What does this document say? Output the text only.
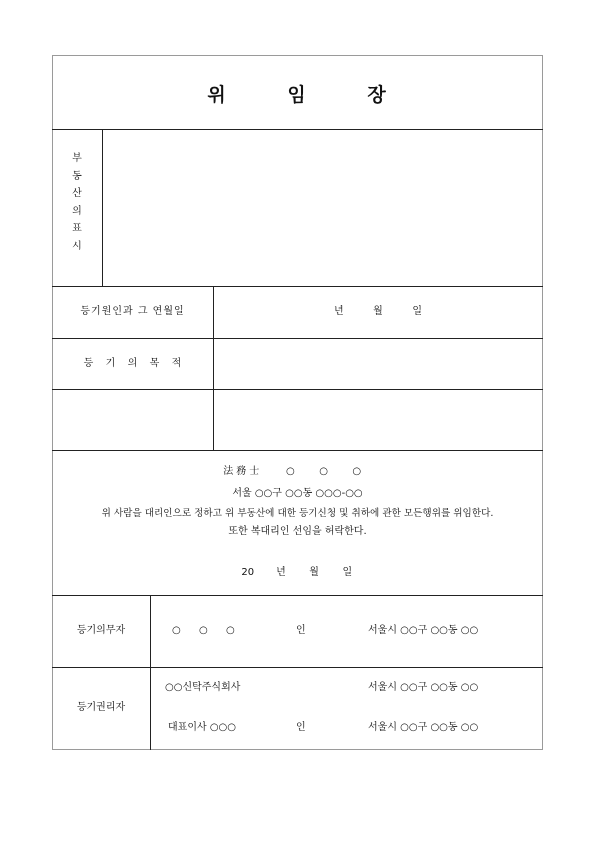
위	임	장
부
동
산
의
표
시
등기원인과 그 연월일	년	월	일
등 기 의 목 적
法務士 ○ ○ ○
서울 ○○구 ○○동 ○○○-○○
위 사람을 대리인으로 정하고 위 부동산에 대한 등기신청 및 취하에 관한 모든행위를 위임한다.
또한 복대리인 선임을 허락한다.
20 년 월 일
등기의무자	○ ○ ○	인	서울시 ○○구 ○○동 ○○
등기권리자
○○신탁주식회사	서울시 ○○구 ○○동 ○○
대표이사 ○○○	인	서울시 ○○구 ○○동 ○○
